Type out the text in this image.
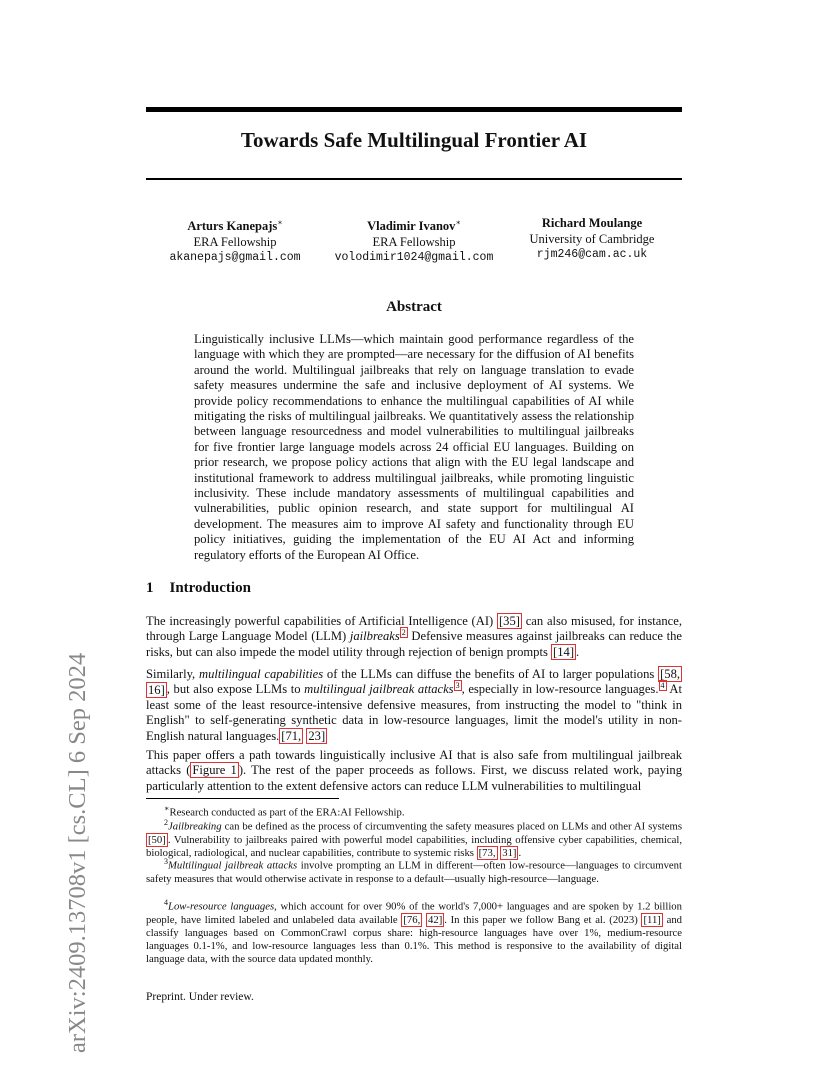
arXiv:2409.13708v1 [cs.CL] 6 Sep 2024
Towards Safe Multilingual Frontier AI
Arturs Kanepajs∗
ERA Fellowship
akanepajs@gmail.com
Vladimir Ivanov∗
ERA Fellowship
volodimir1024@gmail.com
Richard Moulange
University of Cambridge
rjm246@cam.ac.uk
Abstract
Linguistically inclusive LLMs—which maintain good performance regardless of the language with which they are prompted—are necessary for the diffusion of AI benefits around the world. Multilingual jailbreaks that rely on language translation to evade safety measures undermine the safe and inclusive deployment of AI systems. We provide policy recommendations to enhance the multilingual capabilities of AI while mitigating the risks of multilingual jailbreaks. We quantitatively assess the relationship between language resourcedness and model vulnerabilities to multilingual jailbreaks for five frontier large language models across 24 official EU languages. Building on prior research, we propose policy actions that align with the EU legal landscape and institutional framework to address multilingual jailbreaks, while promoting linguistic inclusivity. These include mandatory assessments of multilingual capabilities and vulnerabilities, public opinion research, and state support for multilingual AI development. The measures aim to improve AI safety and functionality through EU policy initiatives, guiding the implementation of the EU AI Act and informing regulatory efforts of the European AI Office.
1 Introduction
The increasingly powerful capabilities of Artificial Intelligence (AI) [35] can also misused, for instance, through Large Language Model (LLM) jailbreaks $^2$ Defensive measures against jailbreaks can reduce the risks, but can also impede the model utility through rejection of benign prompts [14] .
Similarly, multilingual capabilities of the LLMs can diffuse the benefits of AI to larger populations [58, 16] , but also expose LLMs to multilingual jailbreak attacks $^3$ , especially in low-resource languages. $^4$ At least some of the least resource-intensive defensive measures, from instructing the model to "think in English" to self-generating synthetic data in low-resource languages, limit the model's utility in non-English natural languages. [71, 23]
This paper offers a path towards linguistically inclusive AI that is also safe from multilingual jailbreak attacks ( Figure 1 ). The rest of the paper proceeds as follows. First, we discuss related work, paying particularly attention to the extent defensive actors can reduce LLM vulnerabilities to multilingual
∗Research conducted as part of the ERA:AI Fellowship.
$^2$Jailbreaking can be defined as the process of circumventing the safety measures placed on LLMs and other AI systems [50] . Vulnerability to jailbreaks paired with powerful model capabilities, including offensive cyber capabilities, chemical, biological, radiological, and nuclear capabilities, contribute to systemic risks [73, 31] .
$^3$Multilingual jailbreak attacks involve prompting an LLM in different—often low-resource—languages to circumvent safety measures that would otherwise activate in response to a default—usually high-resource—language.
$^4$Low-resource languages, which account for over 90% of the world's 7,000+ languages and are spoken by 1.2 billion people, have limited labeled and unlabeled data available [76, 42] . In this paper we follow Bang et al. (2023) [11] and classify languages based on CommonCrawl corpus share: high-resource languages have over 1%, medium-resource languages 0.1-1%, and low-resource languages less than 0.1%. This method is responsive to the availability of digital language data, with the source data updated monthly.
Preprint. Under review.
